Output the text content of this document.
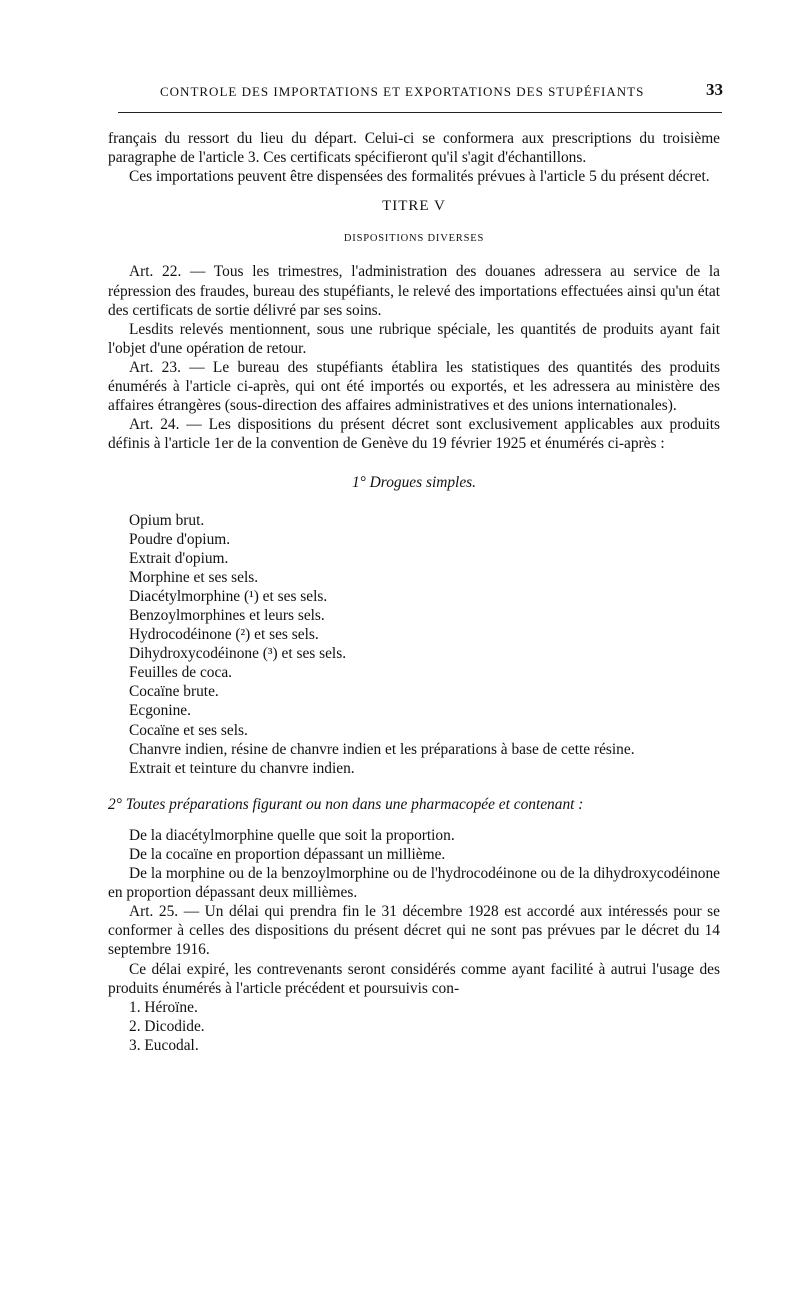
CONTROLE DES IMPORTATIONS ET EXPORTATIONS DES STUPÉFIANTS	33

français du ressort du lieu du départ. Celui-ci se conformera aux prescriptions du troisième paragraphe de l'article 3. Ces certificats spécifieront qu'il s'agit d'échantillons.

Ces importations peuvent être dispensées des formalités prévues à l'article 5 du présent décret.

TITRE V

DISPOSITIONS DIVERSES

Art. 22. — Tous les trimestres, l'administration des douanes adressera au service de la répression des fraudes, bureau des stupéfiants, le relevé des importations effectuées ainsi qu'un état des certificats de sortie délivré par ses soins.

Lesdits relevés mentionnent, sous une rubrique spéciale, les quantités de produits ayant fait l'objet d'une opération de retour.

Art. 23. — Le bureau des stupéfiants établira les statistiques des quantités des produits énumérés à l'article ci-après, qui ont été importés ou exportés, et les adressera au ministère des affaires étrangères (sous-direction des affaires administratives et des unions internationales).

Art. 24. — Les dispositions du présent décret sont exclusivement applicables aux produits définis à l'article 1er de la convention de Genève du 19 février 1925 et énumérés ci-après :

1° Drogues simples.

Opium brut.
Poudre d'opium.
Extrait d'opium.
Morphine et ses sels.
Diacétylmorphine (¹) et ses sels.
Benzoylmorphines et leurs sels.
Hydrocodéinone (²) et ses sels.
Dihydroxycodéinone (³) et ses sels.
Feuilles de coca.
Cocaïne brute.
Ecgonine.
Cocaïne et ses sels.
Chanvre indien, résine de chanvre indien et les préparations à base de cette résine.
Extrait et teinture du chanvre indien.

2° Toutes préparations figurant ou non dans une pharmacopée et contenant :

De la diacétylmorphine quelle que soit la proportion.

De la cocaïne en proportion dépassant un millième.

De la morphine ou de la benzoylmorphine ou de l'hydrocodéinone ou de la dihydroxycodéinone en proportion dépassant deux millièmes.

Art. 25. — Un délai qui prendra fin le 31 décembre 1928 est accordé aux intéressés pour se conformer à celles des dispositions du présent décret qui ne sont pas prévues par le décret du 14 septembre 1916.

Ce délai expiré, les contrevenants seront considérés comme ayant facilité à autrui l'usage des produits énumérés à l'article précédent et poursuivis con-

1. Héroïne.
2. Dicodide.
3. Eucodal.
